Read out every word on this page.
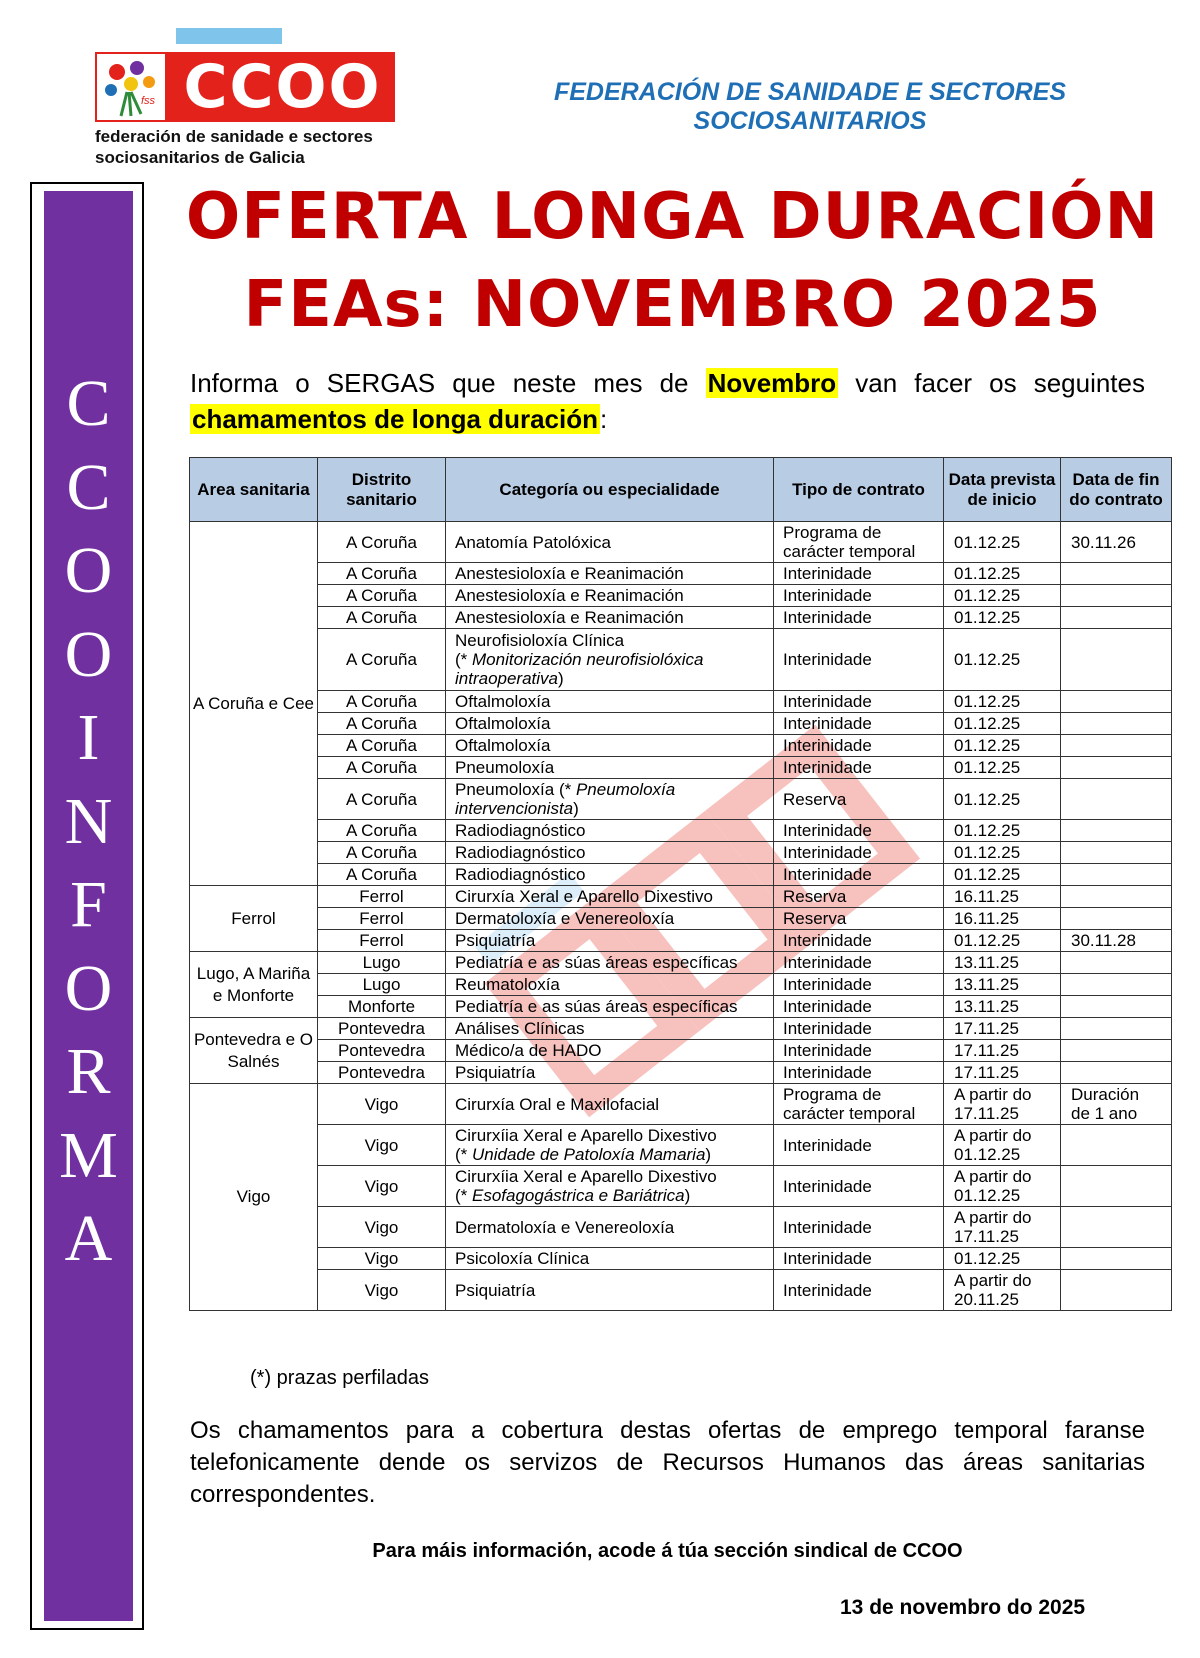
fss CCOO
federación de sanidade e sectores
sociosanitarios de Galicia
FEDERACIÓN DE SANIDADE E SECTORES
SOCIOSANITARIOS
C
C
O
O
I
N
F
O
R
M
A
OFERTA LONGA DURACIÓN
FEAs: NOVEMBRO 2025
Informa o SERGAS que neste mes de Novembro van facer os seguintes
chamamentos de longa duración:
Area sanitaria	Distrito sanitario	Categoría ou especialidade	Tipo de contrato	Data prevista de inicio	Data de fin do contrato
A Coruña e Cee	A Coruña	Anatomía Patolóxica	Programa de carácter temporal	01.12.25	30.11.26
	A Coruña	Anestesioloxía e Reanimación	Interinidade	01.12.25	
	A Coruña	Anestesioloxía e Reanimación	Interinidade	01.12.25	
	A Coruña	Anestesioloxía e Reanimación	Interinidade	01.12.25	
	A Coruña	Neurofisioloxía Clínica
(* Monitorización neurofisiolóxica intraoperativa)	Interinidade	01.12.25	
	A Coruña	Oftalmoloxía	Interinidade	01.12.25	
	A Coruña	Oftalmoloxía	Interinidade	01.12.25	
	A Coruña	Oftalmoloxía	Interinidade	01.12.25	
	A Coruña	Pneumoloxía	Interinidade	01.12.25	
	A Coruña	Pneumoloxía (* Pneumoloxía intervencionista)	Reserva	01.12.25	
	A Coruña	Radiodiagnóstico	Interinidade	01.12.25	
	A Coruña	Radiodiagnóstico	Interinidade	01.12.25	
	A Coruña	Radiodiagnóstico	Interinidade	01.12.25	
Ferrol	Ferrol	Cirurxía Xeral e Aparello Dixestivo	Reserva	16.11.25	
	Ferrol	Dermatoloxía e Venereoloxía	Reserva	16.11.25	
	Ferrol	Psiquiatría	Interinidade	01.12.25	30.11.28
Lugo, A Mariña e Monforte	Lugo	Pediatría e as súas áreas específicas	Interinidade	13.11.25	
	Lugo	Reumatoloxía	Interinidade	13.11.25	
	Monforte	Pediatría e as súas áreas específicas	Interinidade	13.11.25	
Pontevedra e O Salnés	Pontevedra	Análises Clínicas	Interinidade	17.11.25	
	Pontevedra	Médico/a de HADO	Interinidade	17.11.25	
	Pontevedra	Psiquiatría	Interinidade	17.11.25	
Vigo	Vigo	Cirurxía Oral e Maxilofacial	Programa de carácter temporal	A partir do 17.11.25	Duración de 1 ano
	Vigo	Cirurxíia Xeral e Aparello Dixestivo
(* Unidade de Patoloxía Mamaria)	Interinidade	A partir do 01.12.25	
	Vigo	Cirurxíia Xeral e Aparello Dixestivo
(* Esofagogástrica e Bariátrica)	Interinidade	A partir do 01.12.25	
	Vigo	Dermatoloxía e Venereoloxía	Interinidade	A partir do 17.11.25	
	Vigo	Psicoloxía Clínica	Interinidade	01.12.25	
	Vigo	Psiquiatría	Interinidade	A partir do 20.11.25	
(*) prazas perfiladas
Os chamamentos para a cobertura destas ofertas de emprego temporal faranse telefonicamente dende os servizos de Recursos Humanos das áreas sanitarias correspondentes.
Para máis información, acode á túa sección sindical de CCOO
13 de novembro do 2025
